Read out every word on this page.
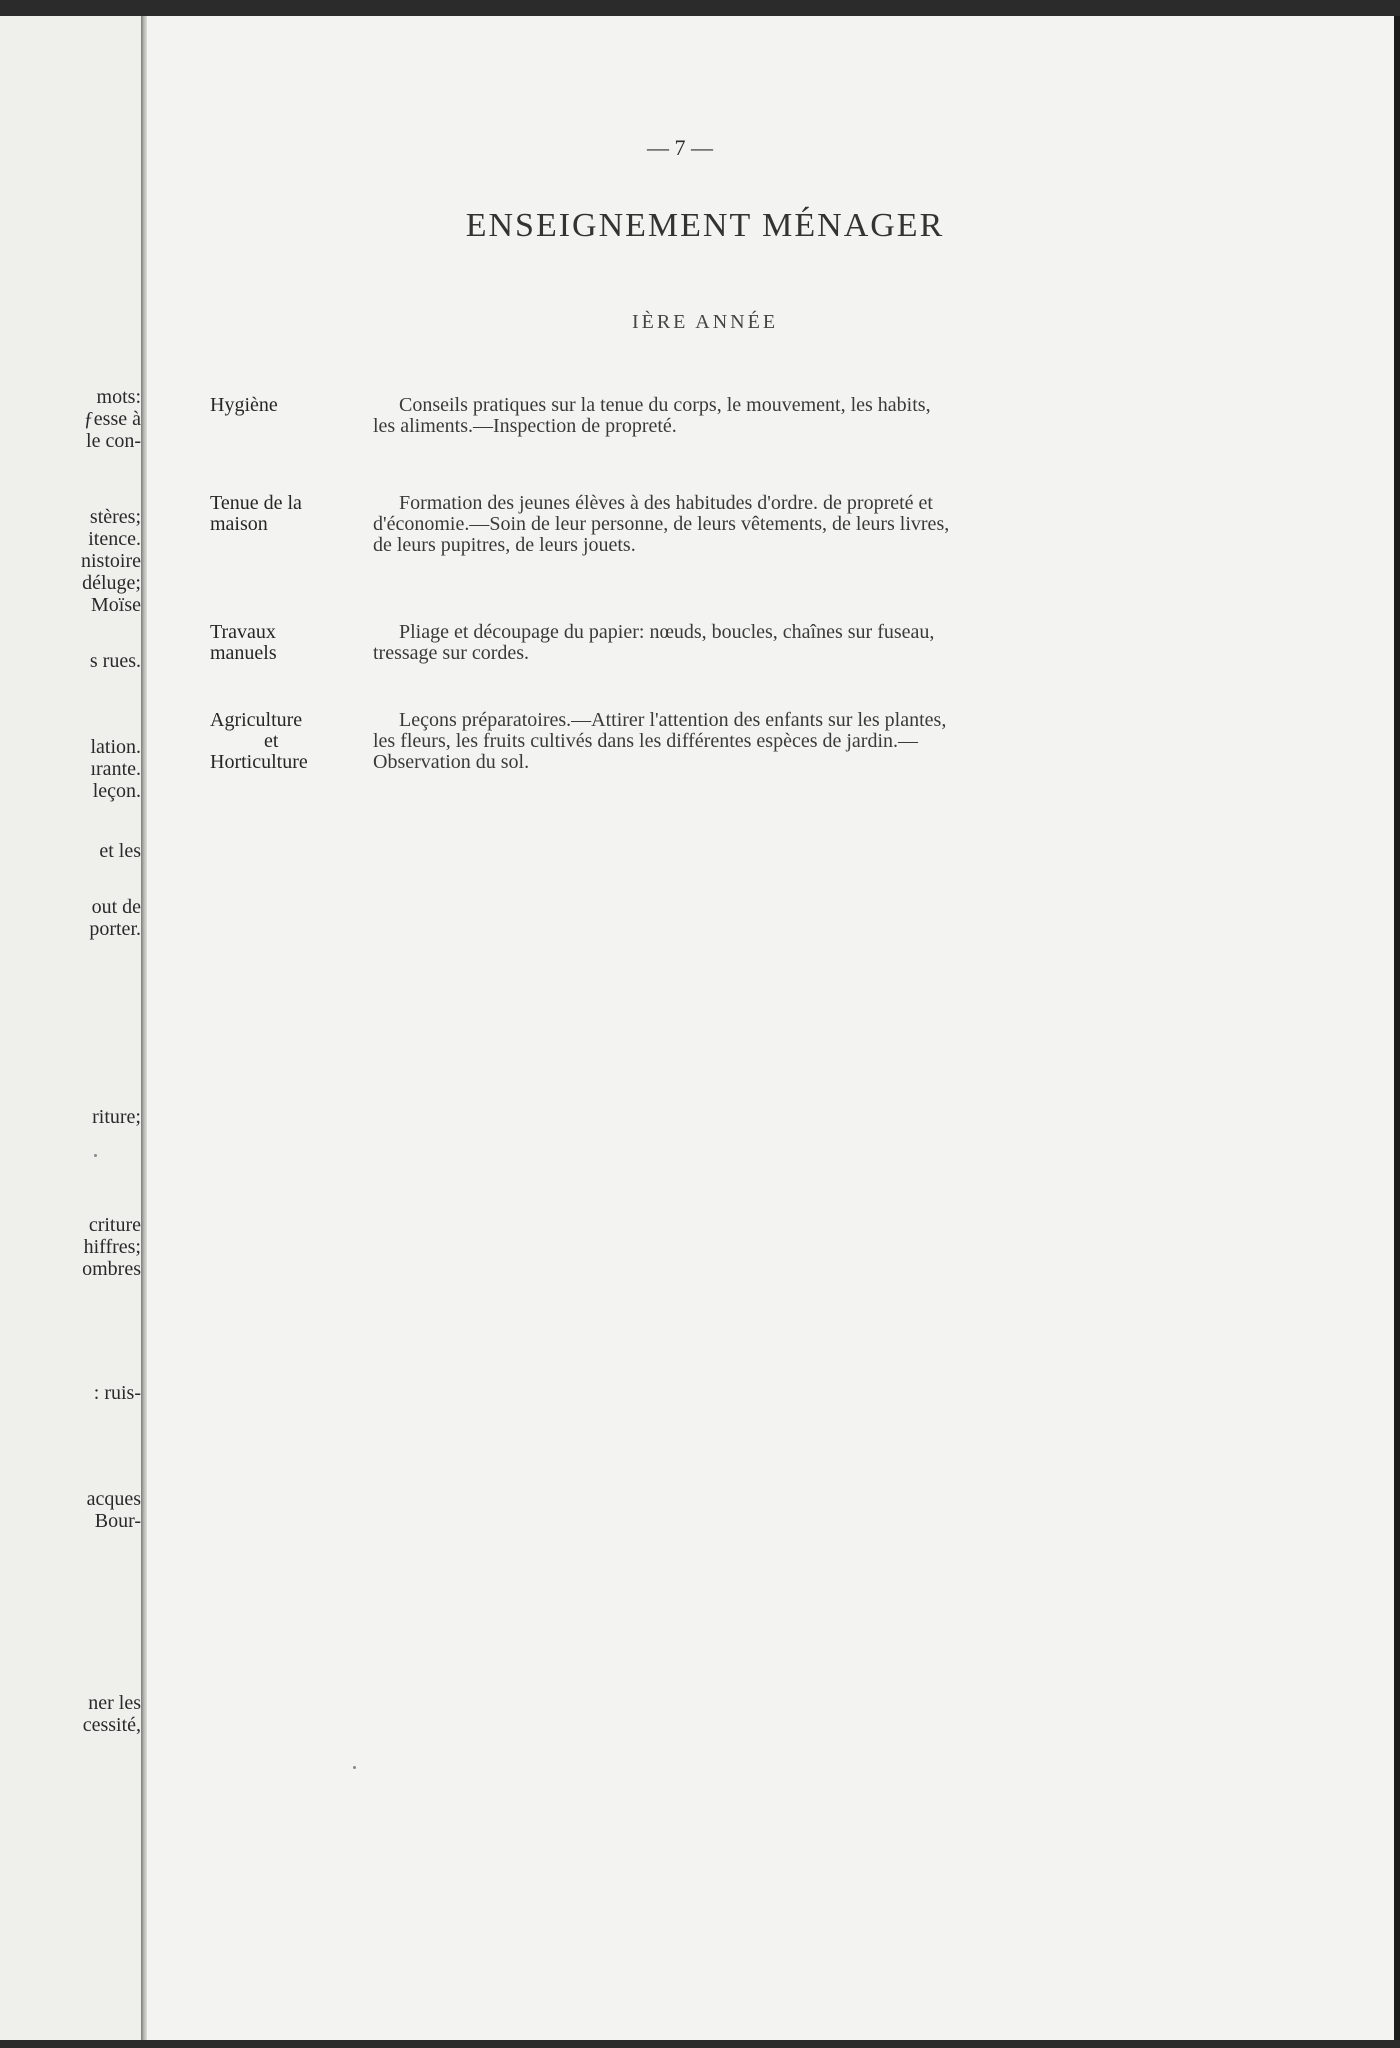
mots:
ƒesse à
le con-
stères;
itence.
nistoire
déluge;
Moïse
s rues.
lation.
ırante.
leçon.
et les
out de
porter.
riture;
criture
hiffres;
ombres
: ruis-
acques
Bour-
ner les
cessité,
— 7 —
ENSEIGNEMENT MÉNAGER
IÈRE ANNÉE
Hygiène	Conseils pratiques sur la tenue du corps, le mouvement, les habits,
les aliments.—Inspection de propreté.
Tenue de la
maison
Formation des jeunes élèves à des habitudes d'ordre. de propreté et
d'économie.—Soin de leur personne, de leurs vêtements, de leurs livres,
de leurs pupitres, de leurs jouets.
Travaux
manuels
Pliage et découpage du papier: nœuds, boucles, chaînes sur fuseau,
tressage sur cordes.
Agriculture
et
Horticulture
Leçons préparatoires.—Attirer l'attention des enfants sur les plantes,
les fleurs, les fruits cultivés dans les différentes espèces de jardin.—
Observation du sol.
